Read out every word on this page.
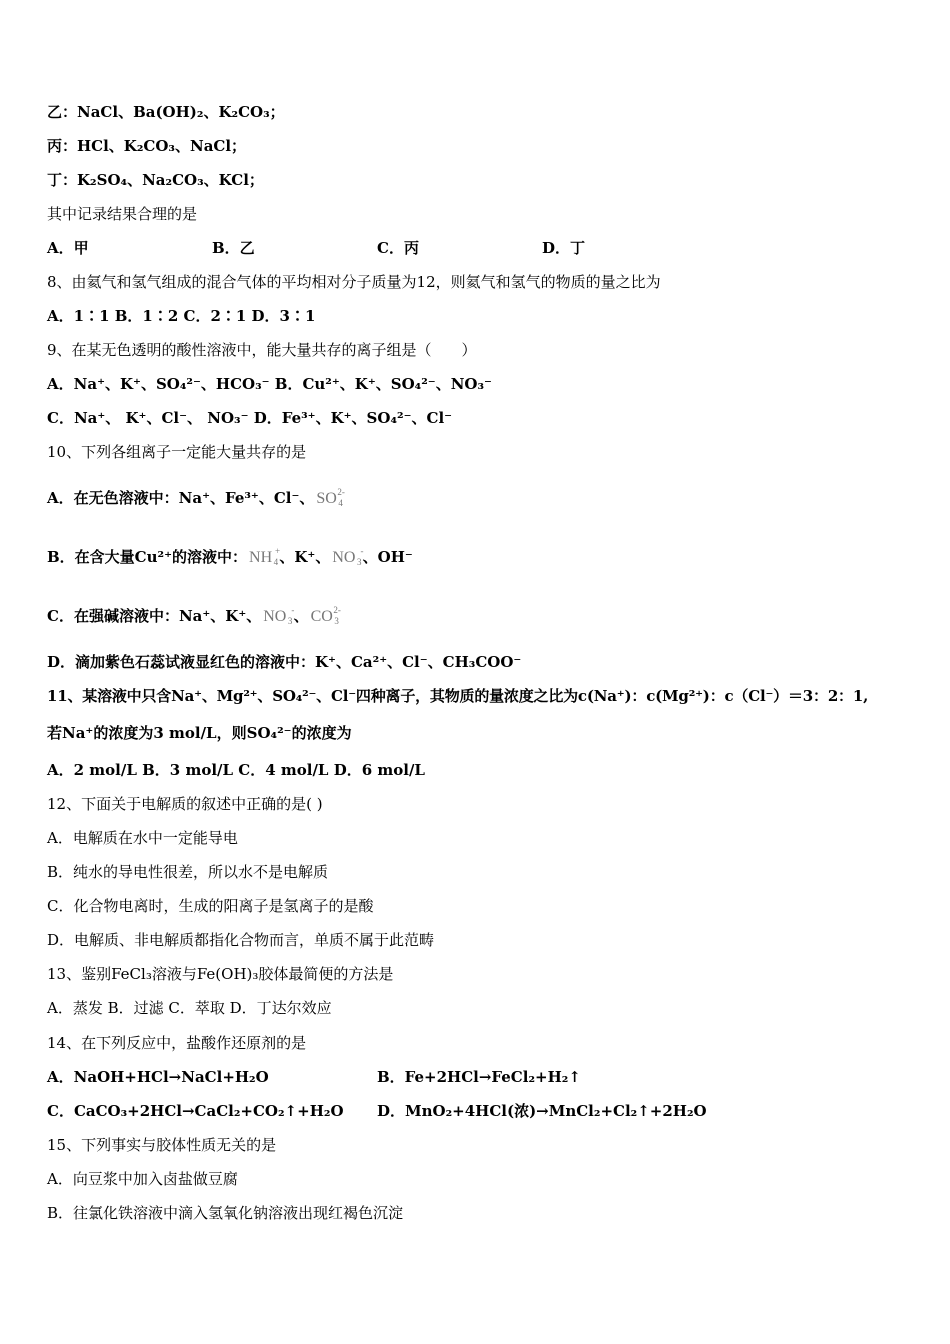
乙：NaCl、Ba(OH)₂、K₂CO₃；
丙：HCl、K₂CO₃、NaCl；
丁：K₂SO₄、Na₂CO₃、KCl；
其中记录结果合理的是
A．甲	B．乙	C．丙	D．丁
8、由氦气和氢气组成的混合气体的平均相对分子质量为12，则氦气和氢气的物质的量之比为
A．1∶1 B．1∶2 C．2∶1 D．3∶1
9、在某无色透明的酸性溶液中，能大量共存的离子组是（　　）
A．Na⁺、K⁺、SO₄²⁻、HCO₃⁻ B．Cu²⁺、K⁺、SO₄²⁻、NO₃⁻
C．Na⁺、 K⁺、Cl⁻、 NO₃⁻ D．Fe³⁺、K⁺、SO₄²⁻、Cl⁻
10、下列各组离子一定能大量共存的是
A．在无色溶液中：Na⁺、Fe³⁺、Cl⁻、 SO 2-
4
B．在含大量Cu²⁺的溶液中： NH +
4 、K⁺、 NO -
3 、OH⁻
C．在强碱溶液中：Na⁺、K⁺、 NO -
3 、 CO 2-
3
D．滴加紫色石蕊试液显红色的溶液中：K⁺、Ca²⁺、Cl⁻、CH₃COO⁻
11、某溶液中只含Na⁺、Mg²⁺、SO₄²⁻、Cl⁻四种离子，其物质的量浓度之比为c(Na⁺)：c(Mg²⁺)：c（Cl⁻）＝3：2：1,
若Na⁺的浓度为3 mol/L，则SO₄²⁻的浓度为
A．2 mol/L B．3 mol/L C．4 mol/L D．6 mol/L
12、下面关于电解质的叙述中正确的是( )
A．电解质在水中一定能导电
B．纯水的导电性很差，所以水不是电解质
C．化合物电离时，生成的阳离子是氢离子的是酸
D．电解质、非电解质都指化合物而言，单质不属于此范畴
13、鉴别FeCl₃溶液与Fe(OH)₃胶体最简便的方法是
A．蒸发 B．过滤 C．萃取 D．丁达尔效应
14、在下列反应中，盐酸作还原剂的是
A．NaOH+HCl→NaCl+H₂O	B．Fe+2HCl→FeCl₂+H₂↑
C．CaCO₃+2HCl→CaCl₂+CO₂↑+H₂O D．MnO₂+4HCl(浓)→MnCl₂+Cl₂↑+2H₂O
15、下列事实与胶体性质无关的是
A．向豆浆中加入卤盐做豆腐
B．往氯化铁溶液中滴入氢氧化钠溶液出现红褐色沉淀
